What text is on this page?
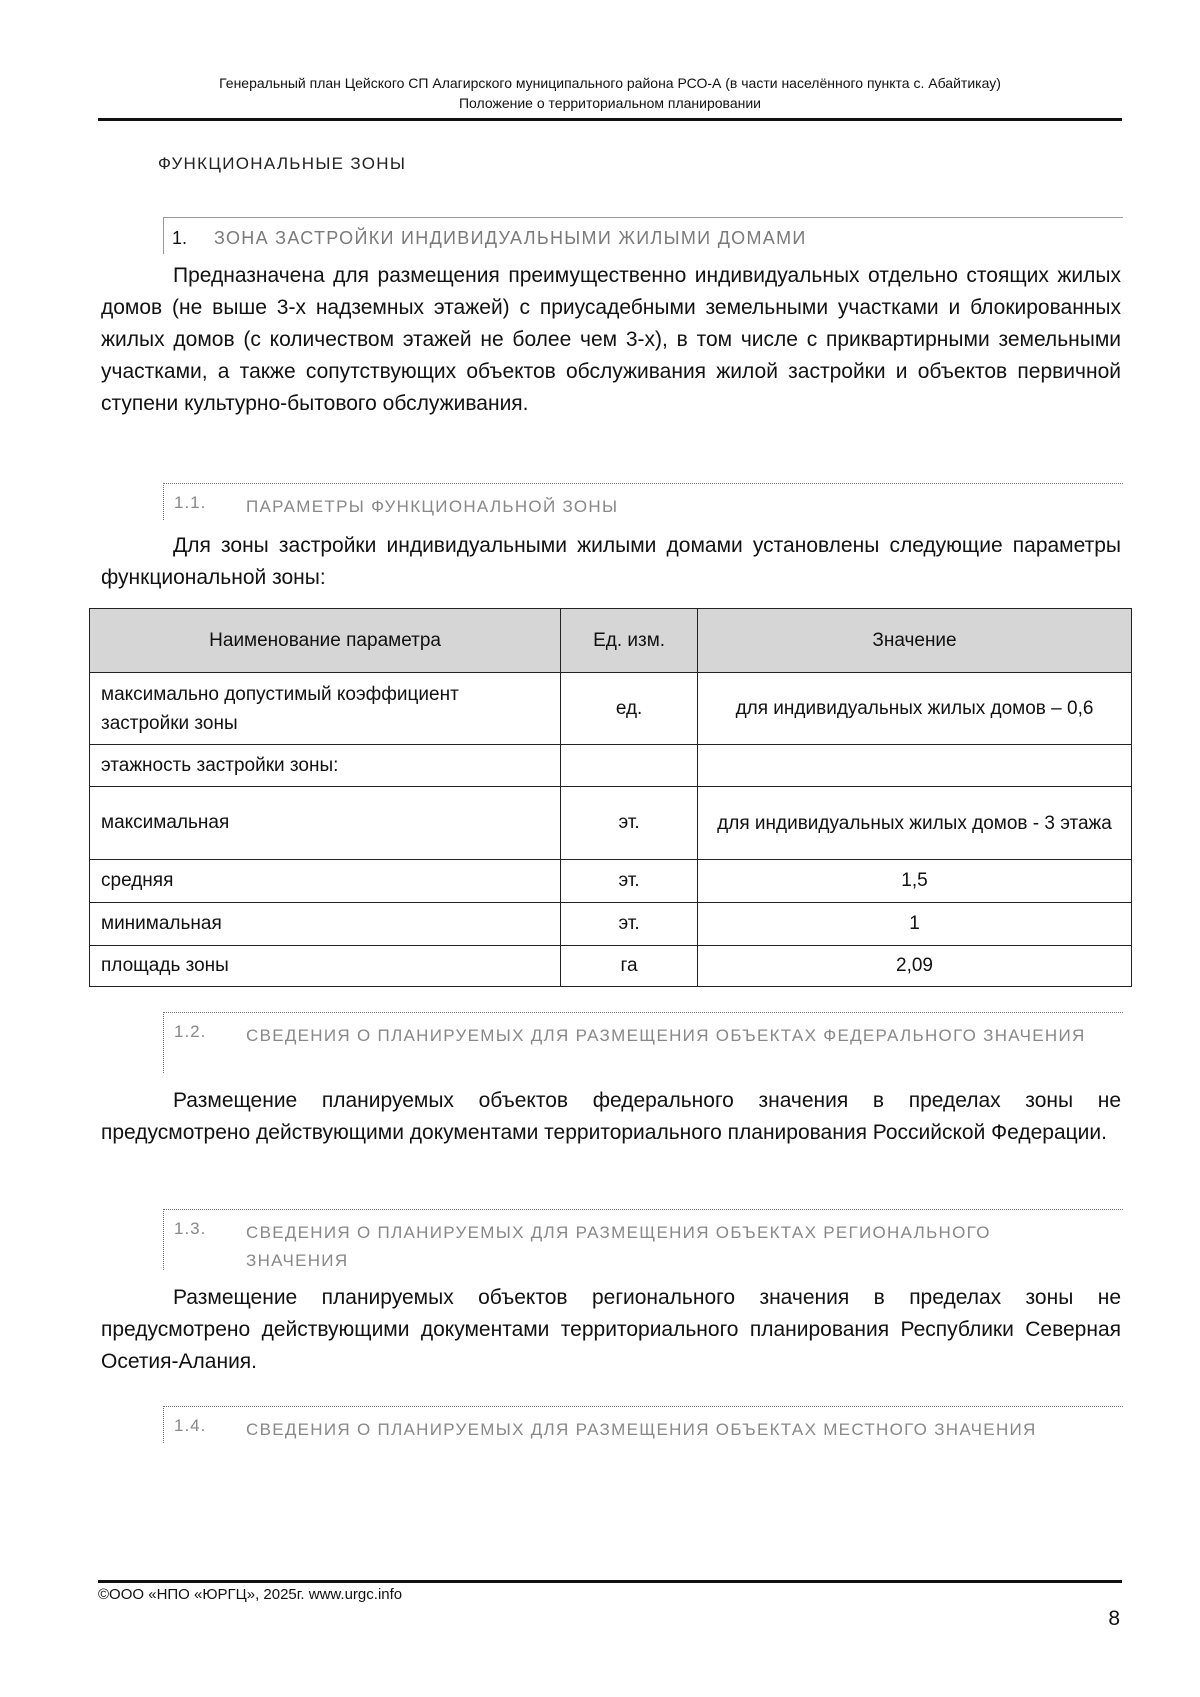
Генеральный план Цейского СП Алагирского муниципального района РСО-А (в части населённого пункта с. Абайтикау)
Положение о территориальном планировании
ФУНКЦИОНАЛЬНЫЕ ЗОНЫ
1. ЗОНА ЗАСТРОЙКИ ИНДИВИДУАЛЬНЫМИ ЖИЛЫМИ ДОМАМИ
Предназначена для размещения преимущественно индивидуальных отдельно стоящих жилых домов (не выше 3-х надземных этажей) с приусадебными земельными участками и блокированных жилых домов (с количеством этажей не более чем 3-х), в том числе с приквартирными земельными участками, а также сопутствующих объектов обслуживания жилой застройки и объектов первичной ступени культурно-бытового обслуживания.
1.1. ПАРАМЕТРЫ ФУНКЦИОНАЛЬНОЙ ЗОНЫ
Для зоны застройки индивидуальными жилыми домами установлены следующие параметры функциональной зоны:
Наименование параметра	Ед. изм.	Значение
максимально допустимый коэффициент застройки зоны	ед.	для индивидуальных жилых домов – 0,6
этажность застройки зоны:		
максимальная	эт.	для индивидуальных жилых домов - 3 этажа
средняя	эт.	1,5
минимальная	эт.	1
площадь зоны	га	2,09
1.2. СВЕДЕНИЯ О ПЛАНИРУЕМЫХ ДЛЯ РАЗМЕЩЕНИЯ ОБЪЕКТАХ ФЕДЕРАЛЬНОГО ЗНАЧЕНИЯ
Размещение планируемых объектов федерального значения в пределах зоны не предусмотрено действующими документами территориального планирования Российской Федерации.
1.3. СВЕДЕНИЯ О ПЛАНИРУЕМЫХ ДЛЯ РАЗМЕЩЕНИЯ ОБЪЕКТАХ РЕГИОНАЛЬНОГО ЗНАЧЕНИЯ
Размещение планируемых объектов регионального значения в пределах зоны не предусмотрено действующими документами территориального планирования Республики Северная Осетия-Алания.
1.4. СВЕДЕНИЯ О ПЛАНИРУЕМЫХ ДЛЯ РАЗМЕЩЕНИЯ ОБЪЕКТАХ МЕСТНОГО ЗНАЧЕНИЯ
©ООО «НПО «ЮРГЦ», 2025г. www.urgc.info
8
